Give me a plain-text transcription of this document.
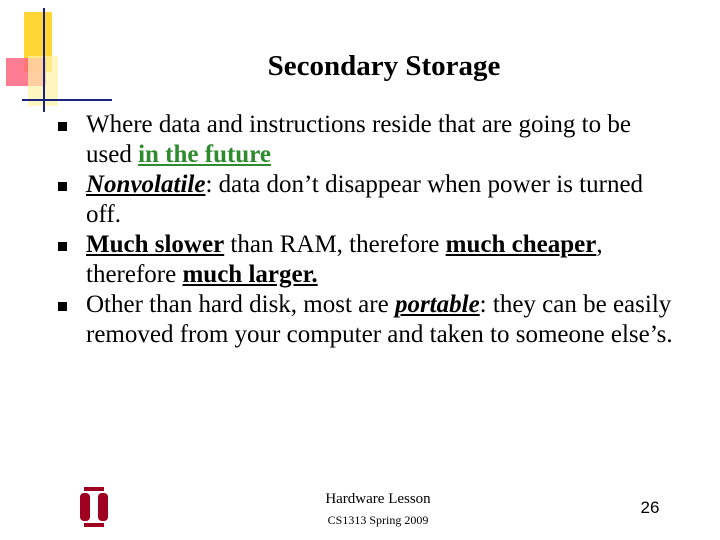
Secondary Storage
Where data and instructions reside that are going to be used in the future
Nonvolatile: data don’t disappear when power is turned off.
Much slower than RAM, therefore much cheaper, therefore much larger.
Other than hard disk, most are portable: they can be easily removed from your computer and taken to someone else’s.
Hardware Lesson
CS1313 Spring 2009
26
